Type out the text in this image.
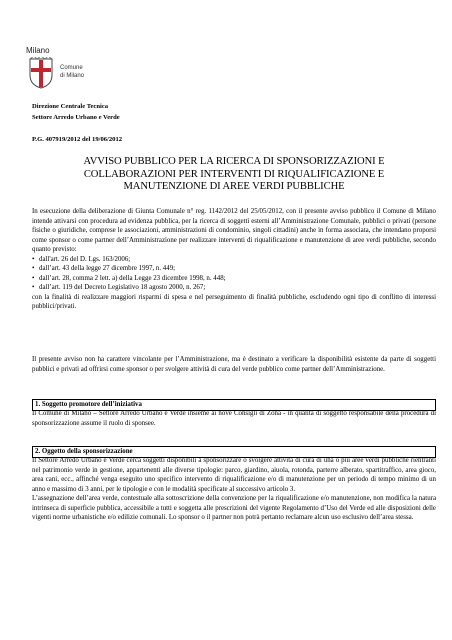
Milano
Comune
di Milano
Direzione Centrale Tecnica
Settore Arredo Urbano e Verde
P.G. 407919/2012 del 19/06/2012
AVVISO PUBBLICO PER LA RICERCA DI SPONSORIZZAZIONI E
COLLABORAZIONI PER INTERVENTI DI RIQUALIFICAZIONE E
MANUTENZIONE DI AREE VERDI PUBBLICHE

In esecuzione della deliberazione di Giunta Comunale n° reg. 1142/2012 del 25/05/2012, con il presente avviso pubblico il Comune di Milano intende attivarsi con procedura ad evidenza pubblica, per la ricerca di soggetti esterni all’Amministrazione Comunale, pubblici o privati (persone fisiche o giuridiche, comprese le associazioni, amministrazioni di condominio, singoli cittadini) anche in forma associata, che intendano proporsi come sponsor o come partner dell’Amministrazione per realizzare interventi di riqualificazione e manutenzione di aree verdi pubbliche, secondo quanto previsto:

• dall'art. 26 del D. Lgs. 163/2006;
• dall’art. 43 della legge 27 dicembre 1997, n. 449;
• dall’art. 28, comma 2 lett. a) della Legge 23 dicembre 1998, n. 448;
• dall’art. 119 del Decreto Legislativo 18 agosto 2000, n. 267;

con la finalità di realizzare maggiori risparmi di spesa e nel perseguimento di finalità pubbliche, escludendo ogni tipo di conflitto di interessi pubblici/privati.

Il presente avviso non ha carattere vincolante per l’Amministrazione, ma è destinato a verificare la disponibilità esistente da parte di soggetti pubblici e privati ad offrirsi come sponsor o per svolgere attività di cura del verde pubblico come partner dell’Amministrazione.
1. Soggetto promotore dell’iniziativa
Il Comune di Milano – Settore Arredo Urbano e Verde insieme ai nove Consigli di Zona - in qualità di soggetto responsabile della procedura di sponsorizzazione assume il ruolo di sponsee.
2. Oggetto della sponsorizzazione

Il Settore Arredo Urbano e Verde cerca soggetti disponibili a sponsorizzare o svolgere attività di cura di una o più aree verdi pubbliche rientranti nel patrimonio verde in gestione, appartenenti alle diverse tipologie: parco, giardino, aiuola, rotonda, parterre alberato, spartitraffico, area gioco, area cani, ecc., affinché venga eseguito uno specifico intervento di riqualificazione e/o di manutenzione per un periodo di tempo minimo di un anno e massimo di 3 anni, per le tipologie e con le modalità specificate al successivo articolo 3.

L’assegnazione dell’area verde, contestuale alla sottoscrizione della convenzione per la riqualificazione e/o manutenzione, non modifica la natura intrinseca di superficie pubblica, accessibile a tutti e soggetta alle prescrizioni del vigente Regolamento d’Uso del Verde ed alle disposizioni delle vigenti norme urbanistiche e/o edilizie comunali. Lo sponsor o il partner non potrà pertanto reclamare alcun uso esclusivo dell’area stessa.
